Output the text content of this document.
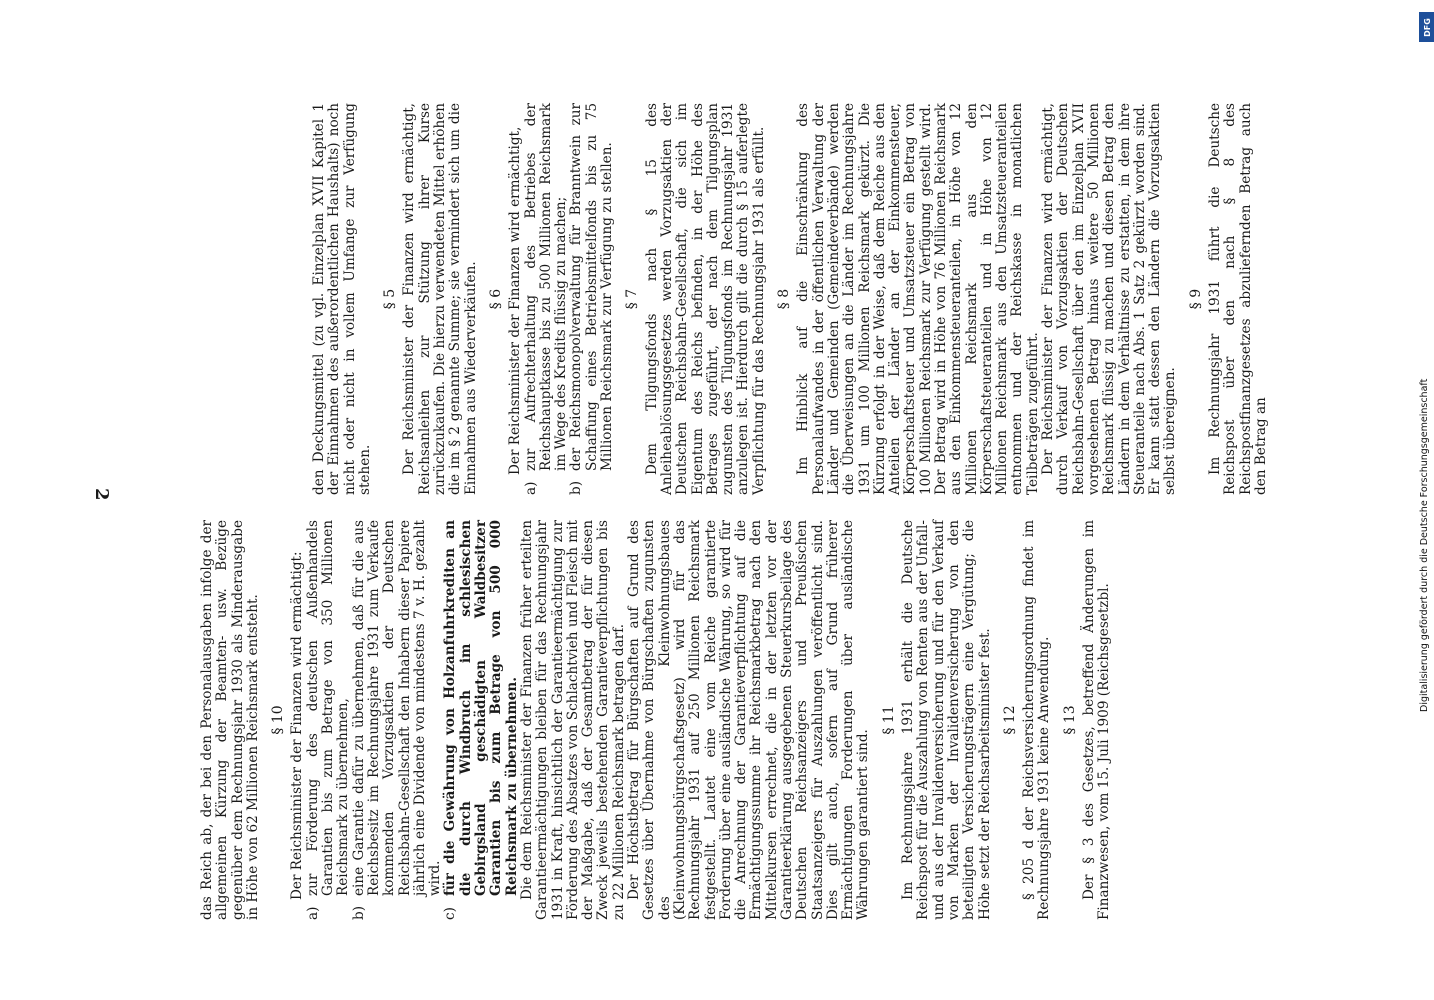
2	den Deckungsmittel (zu vgl. Einzelplan XVII Kapitel 1 der Einnahmen des außerordentlichen Haushalts) noch nicht oder nicht in vollem Umfange zur Verfügung stehen.

§ 5 Der Reichsminister der Finanzen wird ermächtigt, Reichsanleihen zur Stützung ihrer Kurse zurückzukaufen. Die hierzu verwendeten Mittel erhöhen die im § 2 genannte Summe; sie vermindert sich um die Einnahmen aus Wiederverkäufen. § 6 Der Reichsminister der Finanzen wird ermächtigt,

a)
zur Aufrechterhaltung des Betriebes der Reichshauptkasse bis zu 500 Millionen Reichsmark im Wege des Kredits flüssig zu machen;
b)
der Reichsmonopolverwaltung für Branntwein zur Schaffung eines Betriebsmittelfonds bis zu 75 Millionen Reichsmark zur Verfügung zu stellen. § 7 Dem Tilgungsfonds nach § 15 des Anleiheablösungsgesetzes werden Vorzugsaktien der Deutschen Reichsbahn-Gesellschaft, die sich im Eigentum des Reichs befinden, in der Höhe des Betrages zugeführt, der nach dem Tilgungsplan zugunsten des Tilgungsfonds im Rechnungsjahr 1931 anzulegen ist. Hierdurch gilt die durch § 15 auferlegte Verpflichtung für das Rechnungsjahr 1931 als erfüllt. § 8 Im Hinblick auf die Einschränkung des Personalaufwandes in der öffentlichen Verwaltung der Länder und Gemeinden (Gemeindeverbände) werden die Überweisungen an die Länder im Rechnungsjahre 1931 um 100 Millionen Reichsmark gekürzt. Die Kürzung erfolgt in der Weise, daß dem Reiche aus den Anteilen der Länder an der Einkommensteuer, Körperschaftsteuer und Umsatzsteuer ein Betrag von 100 Millionen Reichsmark zur Verfügung gestellt wird. Der Betrag wird in Höhe von 76 Millionen Reichsmark aus den Einkommensteueranteilen, in Höhe von 12 Millionen Reichsmark aus den Körperschaftsteueranteilen und in Höhe von 12 Millionen Reichsmark aus den Umsatzsteueranteilen entnommen und der Reichskasse in monatlichen Teilbeträgen zugeführt. Der Reichsminister der Finanzen wird ermächtigt, durch Verkauf von Vorzugsaktien der Deutschen Reichsbahn-Gesellschaft über den im Einzelplan XVII vorgesehenen Betrag hinaus weitere 50 Millionen Reichsmark flüssig zu machen und diesen Betrag den Ländern in dem Verhältnisse zu erstatten, in dem ihre Steueranteile nach Abs. 1 Satz 2 gekürzt worden sind. Er kann statt dessen den Ländern die Vorzugsaktien selbst übereignen.

§ 9 Im Rechnungsjahr 1931 führt die Deutsche Reichspost über den nach § 8 des Reichspostfinanzgesetzes abzuliefernden Betrag auch den Betrag an

das Reich ab, der bei den Personalausgaben infolge der allgemeinen Kürzung der Beamten- usw. Bezüge gegenüber dem Rechnungsjahr 1930 als Minderausgabe in Höhe von 62 Millionen Reichsmark entsteht. § 10 Der Reichsminister der Finanzen wird ermächtigt:

a)
zur Förderung des deutschen Außenhandels Garantien bis zum Betrage von 350 Millionen Reichsmark zu übernehmen,
b)
eine Garantie dafür zu übernehmen, daß für die aus Reichsbesitz im Rechnungsjahre 1931 zum Verkaufe kommenden Vorzugsaktien der Deutschen Reichsbahn-Gesellschaft den Inhabern dieser Papiere jährlich eine Dividende von mindestens 7 v. H. gezahlt wird.
c)
für die Gewährung von Holzanfuhrkrediten an die durch Windbruch im schlesischen Gebirgsland geschädigten Waldbesitzer Garantien bis zum Betrage von 500 000 Reichsmark zu übernehmen. Die dem Reichsminister der Finanzen früher erteilten Garantieermächtigungen bleiben für das Rechnungsjahr 1931 in Kraft, hinsichtlich der Garantieermächtigung zur Förderung des Absatzes von Schlachtvieh und Fleisch mit der Maßgabe, daß der Gesamtbetrag der für diesen Zweck jeweils bestehenden Garantieverpflichtungen bis zu 22 Millionen Reichsmark betragen darf. Der Höchstbetrag für Bürgschaften auf Grund des Gesetzes über Übernahme von Bürgschaften zugunsten des Kleinwohnungsbaues (Kleinwohnungsbürgschaftsgesetz) wird für das Rechnungsjahr 1931 auf 250 Millionen Reichsmark festgestellt. Lautet eine vom Reiche garantierte Forderung über eine ausländische Währung, so wird für die Anrechnung der Garantieverpflichtung auf die Ermächtigungssumme ihr Reichsmarkbetrag nach den Mittelkursen errechnet, die in der letzten vor der Garantieerklärung ausgegebenen Steuerkursbeilage des Deutschen Reichsanzeigers und Preußischen Staatsanzeigers für Auszahlungen veröffentlicht sind. Dies gilt auch, sofern auf Grund früherer Ermächtigungen Forderungen über ausländische Währungen garantiert sind.

§ 11 Im Rechnungsjahre 1931 erhält die Deutsche Reichspost für die Auszahlung von Renten aus der Unfall- und aus der Invalidenversicherung und für den Verkauf von Marken der Invalidenversicherung von den beteiligten Versicherungsträgern eine Vergütung; die Höhe setzt der Reichsarbeitsminister fest. § 12 § 205 d der Reichsversicherungsordnung findet im Rechnungsjahre 1931 keine Anwendung. § 13 Der § 3 des Gesetzes, betreffend Änderungen im Finanzwesen, vom 15. Juli 1909 (Reichsgesetzbl.

DFG
Digitalisierung gefördert durch die Deutsche Forschungsgemeinschaft
